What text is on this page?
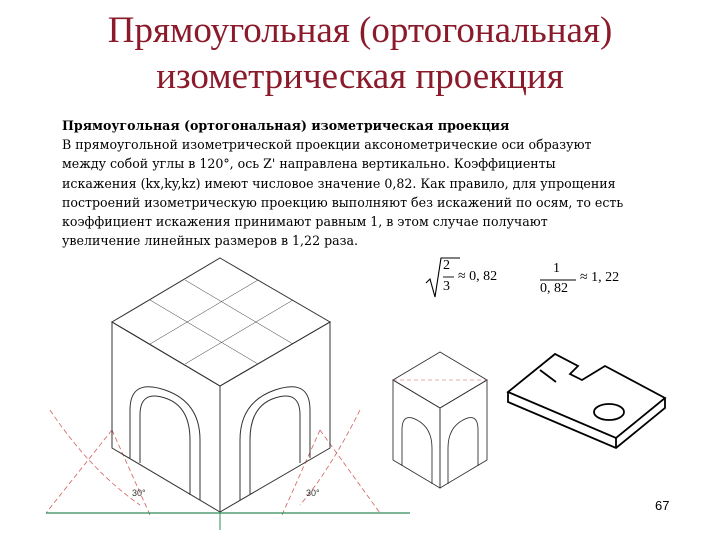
Прямоугольная (ортогональная)
изометрическая проекция
Прямоугольная (ортогональная) изометрическая проекция
В прямоугольной изометрической проекции аксонометрические оси образуют
между собой углы в 120°, ось Z' направлена вертикально. Коэффициенты
искажения (kx,ky,kz) имеют числовое значение 0,82. Как правило, для упрощения
построений изометрическую проекцию выполняют без искажений по осям, то есть
коэффициент искажения принимают равным 1, в этом случае получают
увеличение линейных размеров в 1,22 раза.
2
3
≈ 0, 82
1
0, 82
≈ 1, 22
30°	30°
67
